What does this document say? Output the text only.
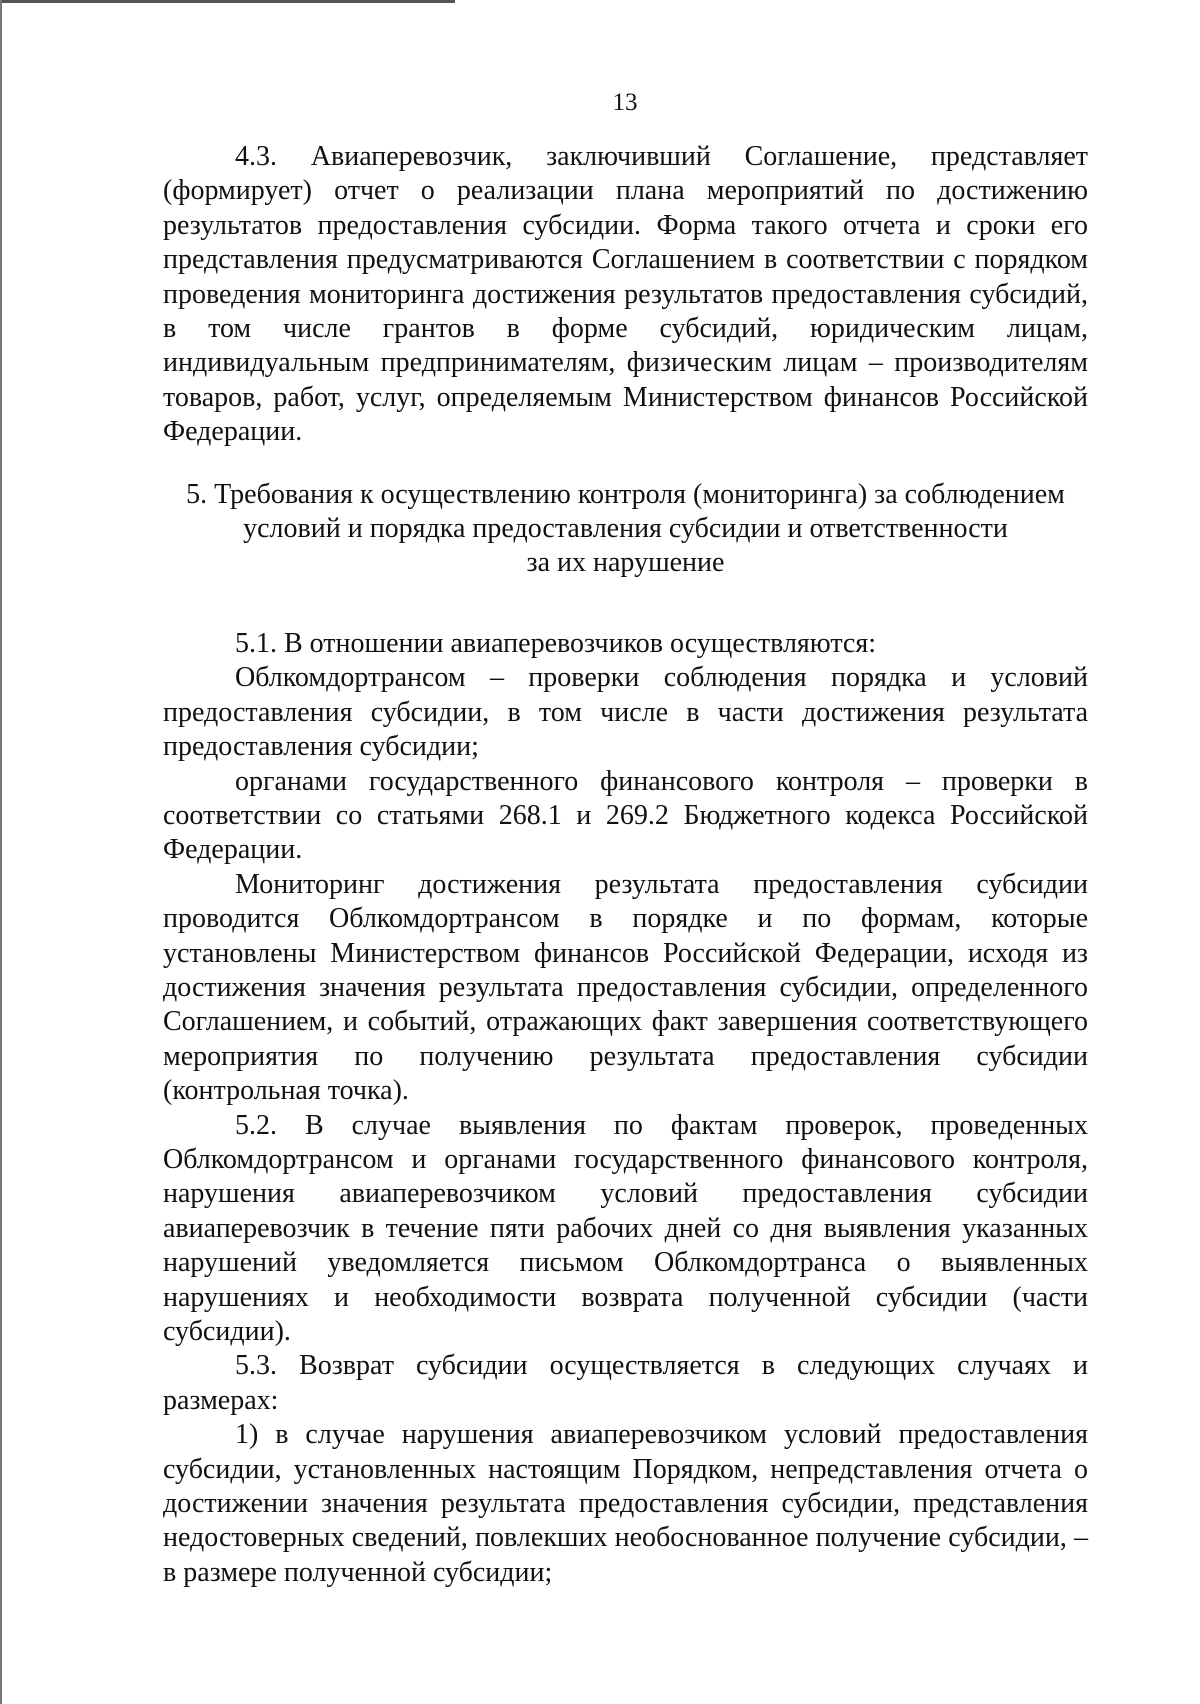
13

4.3. Авиаперевозчик, заключивший Соглашение, представляет (формирует) отчет о реализации плана мероприятий по достижению результатов предоставления субсидии. Форма такого отчета и сроки его представления предусматриваются Соглашением в соответствии с порядком проведения мониторинга достижения результатов предоставления субсидий, в том числе грантов в форме субсидий, юридическим лицам, индивидуальным предпринимателям, физическим лицам – производителям товаров, работ, услуг, определяемым Министерством финансов Российской Федерации.

5. Требования к осуществлению контроля (мониторинга) за соблюдением
условий и порядка предоставления субсидии и ответственности
за их нарушение

5.1. В отношении авиаперевозчиков осуществляются:

Облкомдортрансом – проверки соблюдения порядка и условий предоставления субсидии, в том числе в части достижения результата предоставления субсидии;

органами государственного финансового контроля – проверки в соответствии со статьями 268.1 и 269.2 Бюджетного кодекса Российской Федерации.

Мониторинг достижения результата предоставления субсидии проводится Облкомдортрансом в порядке и по формам, которые установлены Министерством финансов Российской Федерации, исходя из достижения значения результата предоставления субсидии, определенного Соглашением, и событий, отражающих факт завершения соответствующего мероприятия по получению результата предоставления субсидии (контрольная точка).

5.2. В случае выявления по фактам проверок, проведенных Облкомдортрансом и органами государственного финансового контроля, нарушения авиаперевозчиком условий предоставления субсидии авиаперевозчик в течение пяти рабочих дней со дня выявления указанных нарушений уведомляется письмом Облкомдортранса о выявленных нарушениях и необходимости возврата полученной субсидии (части субсидии).

5.3. Возврат субсидии осуществляется в следующих случаях и размерах:

1) в случае нарушения авиаперевозчиком условий предоставления субсидии, установленных настоящим Порядком, непредставления отчета о достижении значения результата предоставления субсидии, представления недостоверных сведений, повлекших необоснованное получение субсидии, – в размере полученной субсидии;
